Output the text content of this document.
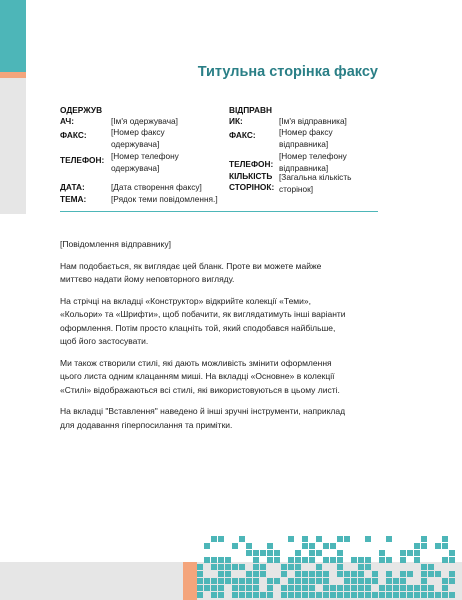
Титульна сторінка факсу
ОДЕРЖУВ
АЧ:	[Ім'я одержувача]
ФАКС:	[Номер факсу
одержувача]
ТЕЛЕФОН: [Номер телефону
одержувача]
ДАТА:	[Дата створення факсу]
ТЕМА:	[Рядок теми повідомлення.]
ВІДПРАВН
ИК:	[Ім'я відправника]
ФАКС:	[Номер факсу
відправника]
ТЕЛЕФОН:
[Номер телефону
відправника]
КІЛЬКІСТЬ
СТОРІНОК:
[Загальна кількість
сторінок]

[Повідомлення відправнику]

Нам подобається, як виглядає цей бланк. Проте ви можете майже миттєво надати йому неповторного вигляду.

На стрічці на вкладці «Конструктор» відкрийте колекції «Теми», «Кольори» та «Шрифти», щоб побачити, як виглядатимуть інші варіанти оформлення. Потім просто клацніть той, який сподобався найбільше, щоб його застосувати.

Ми також створили стилі, які дають можливість змінити оформлення цього листа одним клацанням миші. На вкладці «Основне» в колекції «Стилі» відображаються всі стилі, які використовуються в цьому листі.

На вкладці "Вставлення" наведено й інші зручні інструменти, наприклад для додавання гіперпосилання та примітки.
